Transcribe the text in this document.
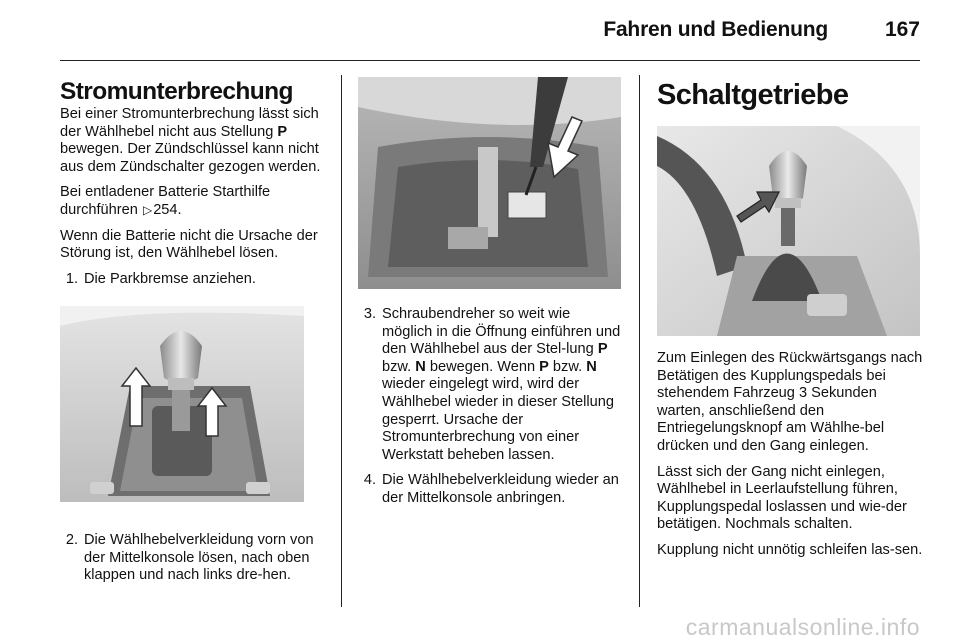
Fahren und Bedienung	167
Stromunterbrechung

Bei einer Stromunterbrechung lässt sich der Wählhebel nicht aus Stellung P bewegen. Der Zündschlüssel kann nicht aus dem Zündschalter gezogen werden.

Bei entladener Batterie Starthilfe durchführen ▷254.

Wenn die Batterie nicht die Ursache der Störung ist, den Wählhebel lösen.

1. Die Parkbremse anziehen.
2. Die Wählhebelverkleidung vorn von der Mittelkonsole lösen, nach oben klappen und nach links dre-hen.
3. Schraubendreher so weit wie möglich in die Öffnung einführen und den Wählhebel aus der Stel-lung P bzw. N bewegen. Wenn P bzw. N wieder eingelegt wird, wird der Wählhebel wieder in dieser Stellung gesperrt. Ursache der Stromunterbrechung von einer Werkstatt beheben lassen.
4. Die Wählhebelverkleidung wieder an der Mittelkonsole anbringen.
Schaltgetriebe

Zum Einlegen des Rückwärtsgangs nach Betätigen des Kupplungspedals bei stehendem Fahrzeug 3 Sekunden warten, anschließend den Entriegelungsknopf am Wählhe-bel drücken und den Gang einlegen.

Lässt sich der Gang nicht einlegen, Wählhebel in Leerlaufstellung führen, Kupplungspedal loslassen und wie-der betätigen. Nochmals schalten.

Kupplung nicht unnötig schleifen las-sen.

carmanualsonline.info
